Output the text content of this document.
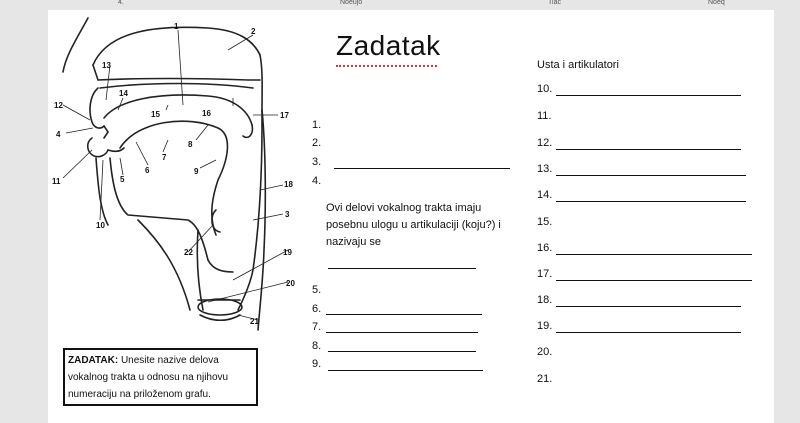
4.	Noeujo	Tiac	Noeq
1
2
3
4
5
6
7
8
9
10
11
12
13
14
15	16	17
18
19
20
21
22
Zadatak
1.
2.
3.
4.
Ovi delovi vokalnog trakta imaju posebnu ulogu u artikulaciji (koju?) i nazivaju se
5.
6.
7.
8.
9.
ZADATAK: Unesite nazive delova vokalnog trakta u odnosu na njihovu numeraciju na priloženom grafu.
Usta i artikulatori
10.
11.
12.
13.
14.
15.
16.
17.
18.
19.
20.
21.
